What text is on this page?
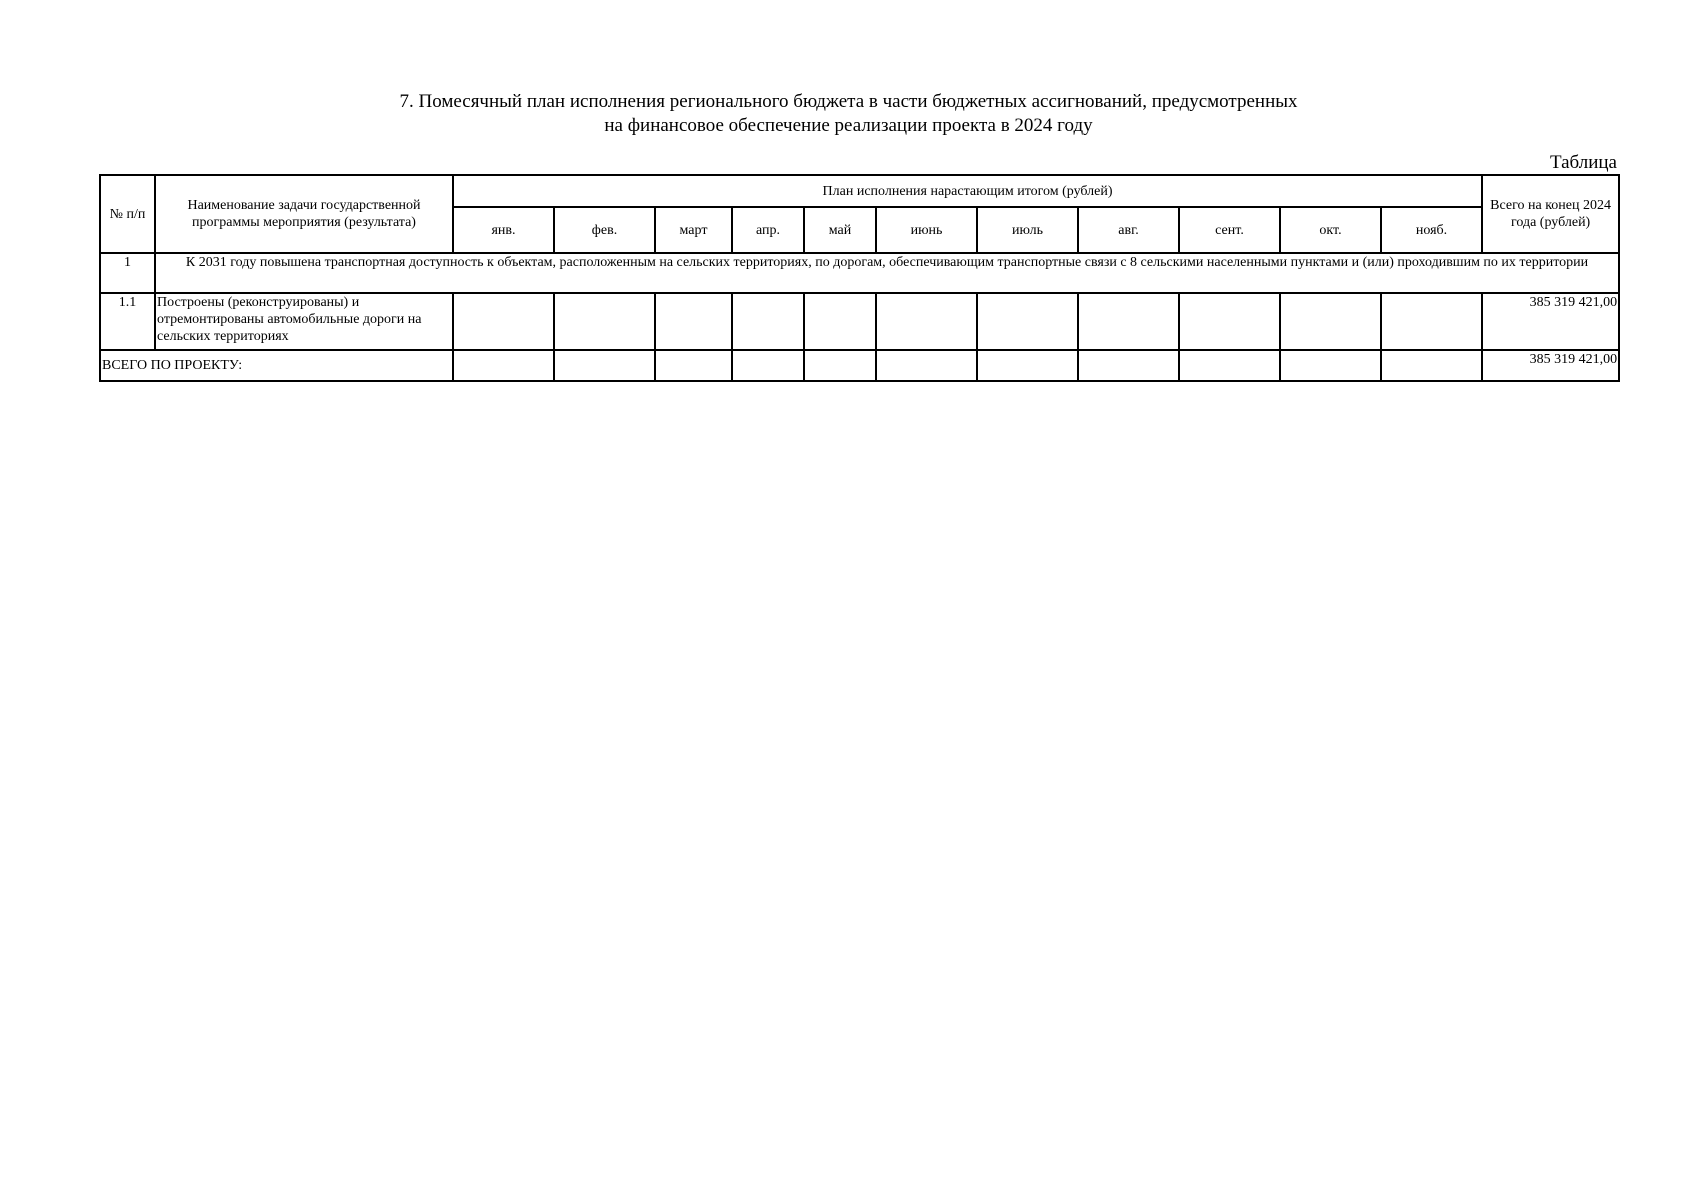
7. Помесячный план исполнения регионального бюджета в части бюджетных ассигнований, предусмотренных
на финансовое обеспечение реализации проекта в 2024 году
Таблица
№ п/п	Наименование задачи государственной программы мероприятия (результата)	План исполнения нарастающим итогом (рублей)											Всего на конец 2024 года (рублей)
		янв.	фев.	март	апр.	май	июнь	июль	авг.	сент.	окт.	нояб.	
1	К 2031 году повышена транспортная доступность к объектам, расположенным на сельских территориях, по дорогам, обеспечивающим транспортные связи с 8 сельскими населенными пунктами и (или) проходившим по их территории												
1.1	Построены (реконструированы) и отремонтированы автомобильные дороги на сельских территориях												385 319 421,00
ВСЕГО ПО ПРОЕКТУ:													385 319 421,00
